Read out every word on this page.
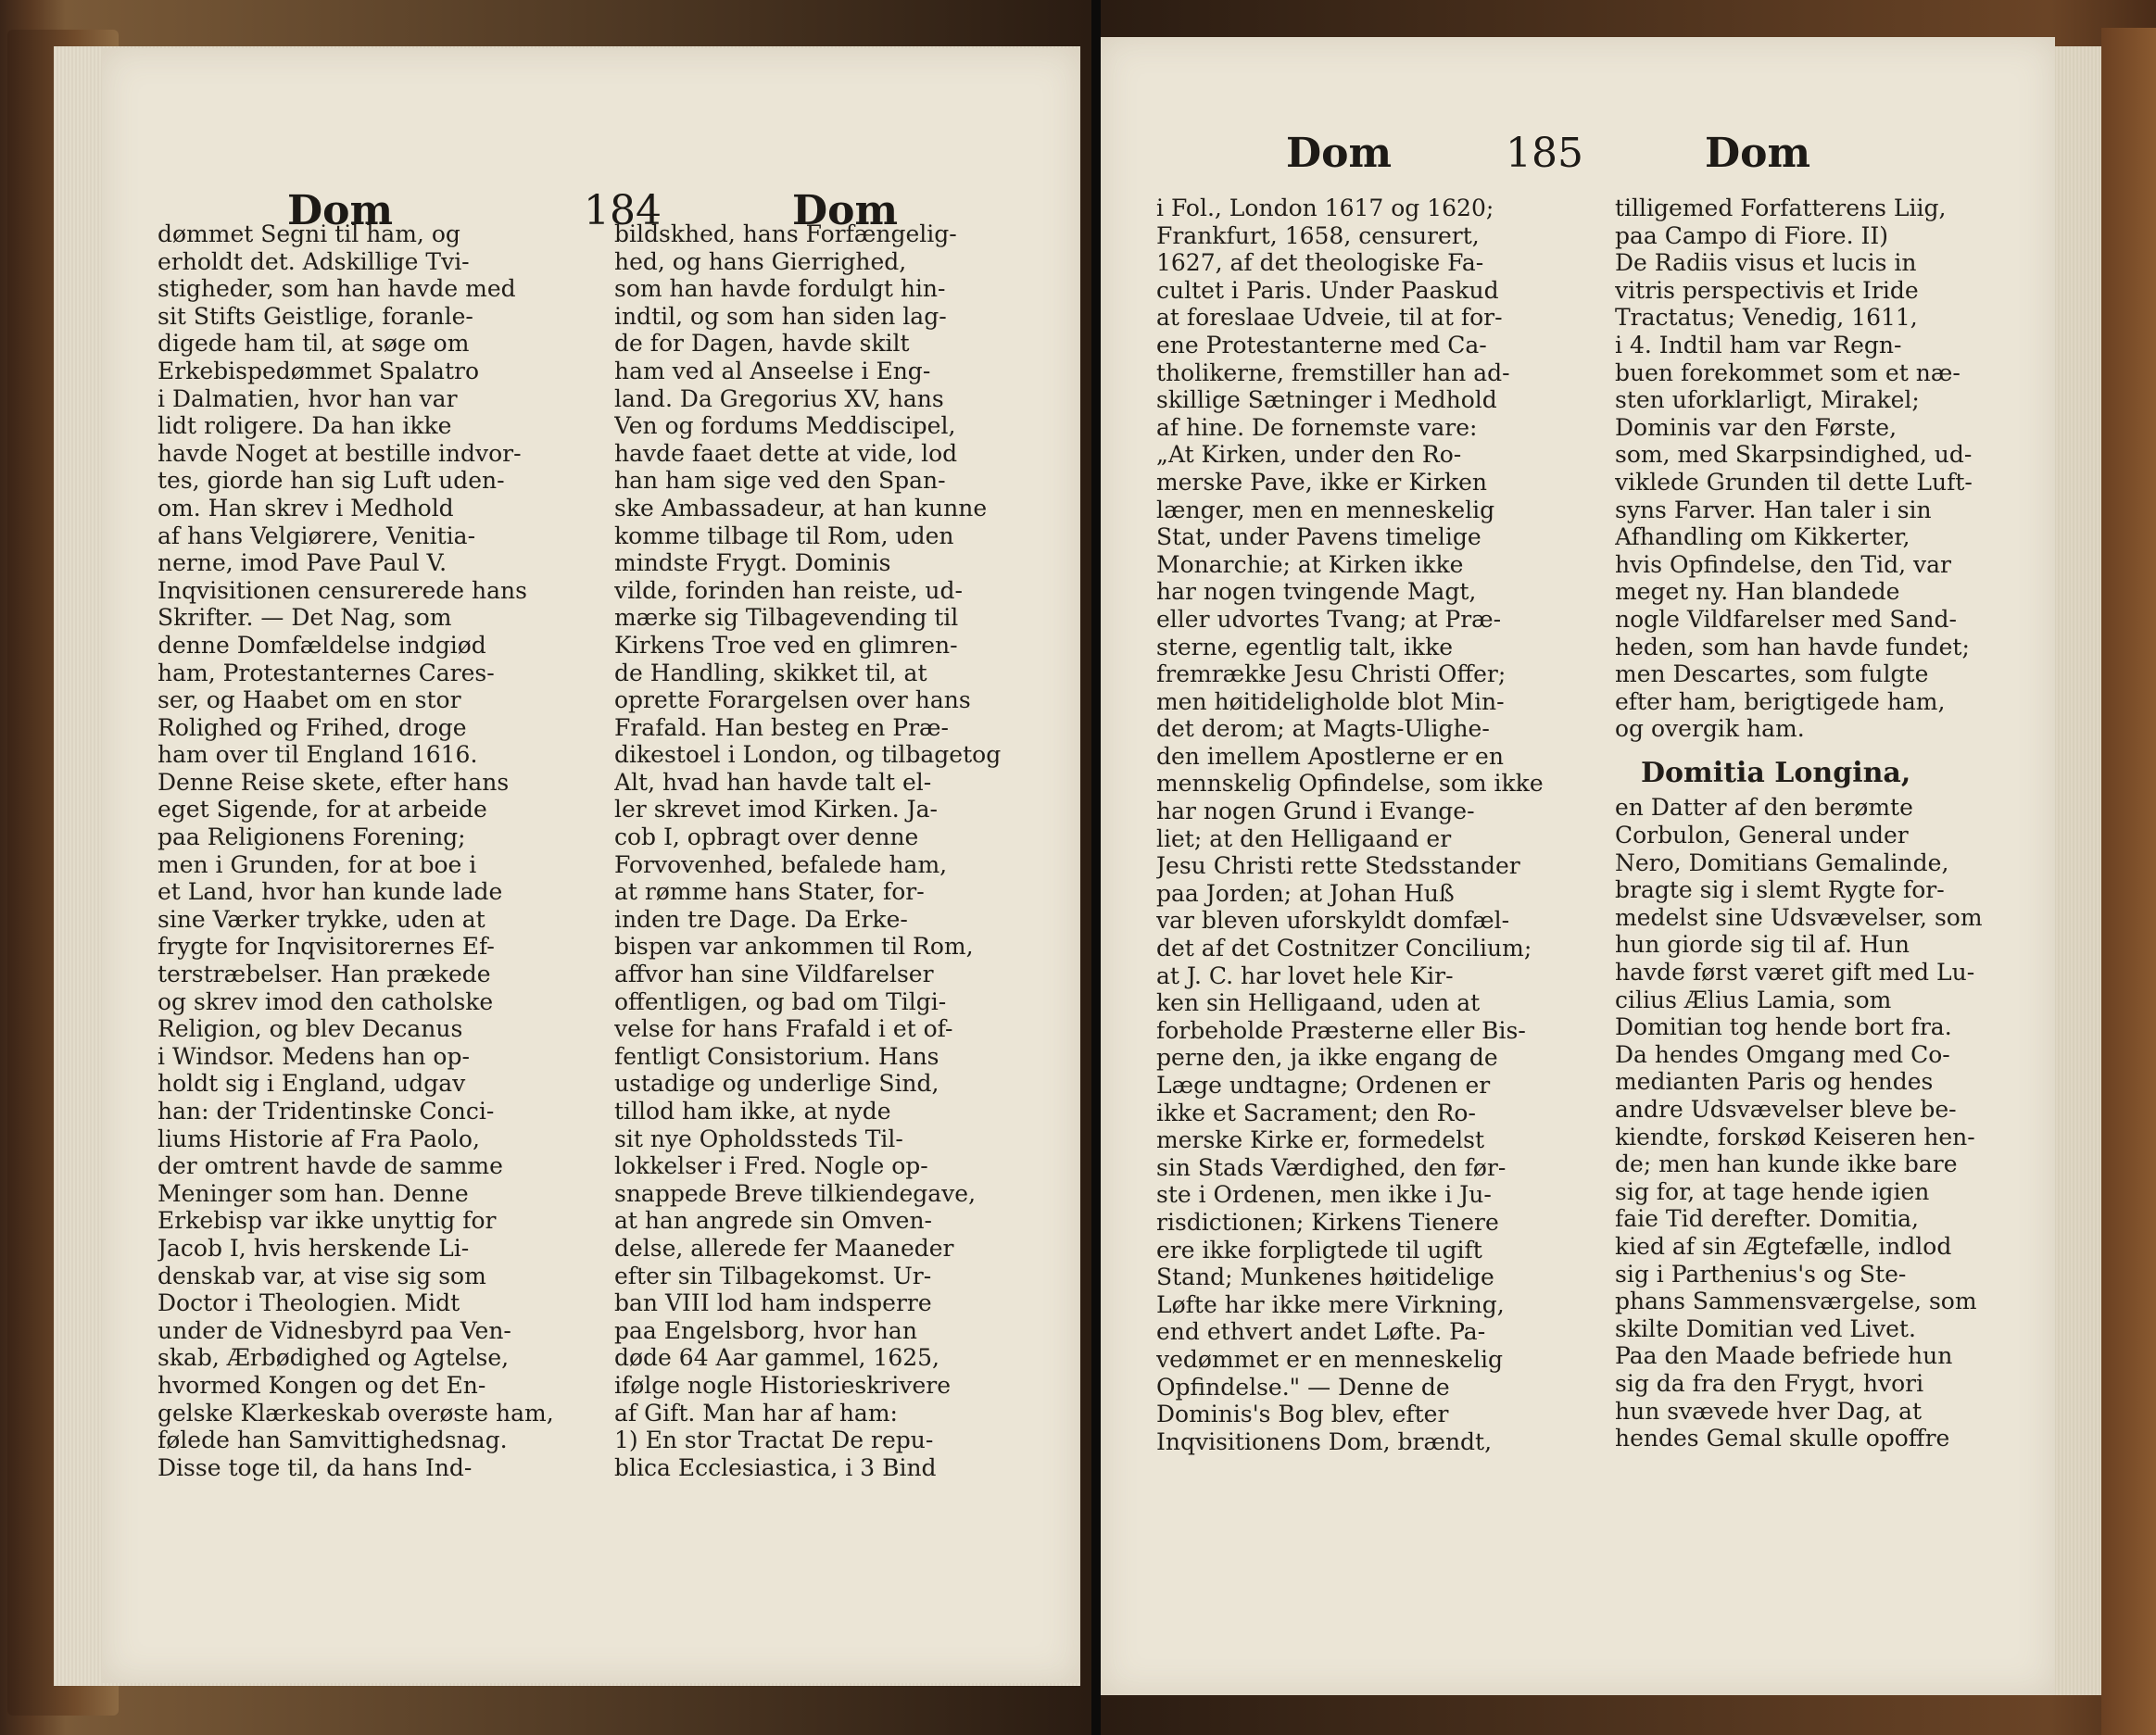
Dom	184	Dom
dømmet Segni til ham, og
erholdt det. Adskillige Tvi-
stigheder, som han havde med
sit Stifts Geistlige, foranle-
digede ham til, at søge om
Erkebispedømmet Spalatro
i Dalmatien, hvor han var
lidt roligere. Da han ikke
havde Noget at bestille indvor-
tes, giorde han sig Luft uden-
om. Han skrev i Medhold
af hans Velgiørere, Venitia-
nerne, imod Pave Paul V.
Inqvisitionen censurerede hans
Skrifter. — Det Nag, som
denne Domfældelse indgiød
ham, Protestanternes Cares-
ser, og Haabet om en stor
Rolighed og Frihed, droge
ham over til England 1616.
Denne Reise skete, efter hans
eget Sigende, for at arbeide
paa Religionens Forening;
men i Grunden, for at boe i
et Land, hvor han kunde lade
sine Værker trykke, uden at
frygte for Inqvisitorernes Ef-
terstræbelser. Han prækede
og skrev imod den catholske
Religion, og blev Decanus
i Windsor. Medens han op-
holdt sig i England, udgav
han: der Tridentinske Conci-
liums Historie af Fra Paolo,
der omtrent havde de samme
Meninger som han. Denne
Erkebisp var ikke unyttig for
Jacob I, hvis herskende Li-
denskab var, at vise sig som
Doctor i Theologien. Midt
under de Vidnesbyrd paa Ven-
skab, Ærbødighed og Agtelse,
hvormed Kongen og det En-
gelske Klærkeskab overøste ham,
følede han Samvittighedsnag.
Disse toge til, da hans Ind-
bildskhed, hans Forfængelig-
hed, og hans Gierrighed,
som han havde fordulgt hin-
indtil, og som han siden lag-
de for Dagen, havde skilt
ham ved al Anseelse i Eng-
land. Da Gregorius XV, hans
Ven og fordums Meddiscipel,
havde faaet dette at vide, lod
han ham sige ved den Span-
ske Ambassadeur, at han kunne
komme tilbage til Rom, uden
mindste Frygt. Dominis
vilde, forinden han reiste, ud-
mærke sig Tilbagevending til
Kirkens Troe ved en glimren-
de Handling, skikket til, at
oprette Forargelsen over hans
Frafald. Han besteg en Præ-
dikestoel i London, og tilbagetog
Alt, hvad han havde talt el-
ler skrevet imod Kirken. Ja-
cob I, opbragt over denne
Forvovenhed, befalede ham,
at rømme hans Stater, for-
inden tre Dage. Da Erke-
bispen var ankommen til Rom,
affvor han sine Vildfarelser
offentligen, og bad om Tilgi-
velse for hans Frafald i et of-
fentligt Consistorium. Hans
ustadige og underlige Sind,
tillod ham ikke, at nyde
sit nye Opholdssteds Til-
lokkelser i Fred. Nogle op-
snappede Breve tilkiendegave,
at han angrede sin Omven-
delse, allerede fer Maaneder
efter sin Tilbagekomst. Ur-
ban VIII lod ham indsperre
paa Engelsborg, hvor han
døde 64 Aar gammel, 1625,
ifølge nogle Historieskrivere
af Gift. Man har af ham:
1) En stor Tractat De repu-
blica Ecclesiastica, i 3 Bind
Dom	185	Dom
i Fol., London 1617 og 1620;
Frankfurt, 1658, censurert,
1627, af det theologiske Fa-
cultet i Paris. Under Paaskud
at foreslaae Udveie, til at for-
ene Protestanterne med Ca-
tholikerne, fremstiller han ad-
skillige Sætninger i Medhold
af hine. De fornemste vare:
„At Kirken, under den Ro-
merske Pave, ikke er Kirken
længer, men en menneskelig
Stat, under Pavens timelige
Monarchie; at Kirken ikke
har nogen tvingende Magt,
eller udvortes Tvang; at Præ-
sterne, egentlig talt, ikke
fremrække Jesu Christi Offer;
men høitideligholde blot Min-
det derom; at Magts-Ulighe-
den imellem Apostlerne er en
mennskelig Opfindelse, som ikke
har nogen Grund i Evange-
liet; at den Helligaand er
Jesu Christi rette Stedsstander
paa Jorden; at Johan Huß
var bleven uforskyldt domfæl-
det af det Costnitzer Concilium;
at J. C. har lovet hele Kir-
ken sin Helligaand, uden at
forbeholde Præsterne eller Bis-
perne den, ja ikke engang de
Læge undtagne; Ordenen er
ikke et Sacrament; den Ro-
merske Kirke er, formedelst
sin Stads Værdighed, den før-
ste i Ordenen, men ikke i Ju-
risdictionen; Kirkens Tienere
ere ikke forpligtede til ugift
Stand; Munkenes høitidelige
Løfte har ikke mere Virkning,
end ethvert andet Løfte. Pa-
vedømmet er en menneskelig
Opfindelse." — Denne de
Dominis's Bog blev, efter
Inqvisitionens Dom, brændt,
tilligemed Forfatterens Liig,
paa Campo di Fiore. II)
De Radiis visus et lucis in
vitris perspectivis et Iride
Tractatus; Venedig, 1611,
i 4. Indtil ham var Regn-
buen forekommet som et næ-
sten uforklarligt, Mirakel;
Dominis var den Første,
som, med Skarpsindighed, ud-
viklede Grunden til dette Luft-
syns Farver. Han taler i sin
Afhandling om Kikkerter,
hvis Opfindelse, den Tid, var
meget ny. Han blandede
nogle Vildfarelser med Sand-
heden, som han havde fundet;
men Descartes, som fulgte
efter ham, berigtigede ham,
og overgik ham.
Domitia Longina,
en Datter af den berømte
Corbulon, General under
Nero, Domitians Gemalinde,
bragte sig i slemt Rygte for-
medelst sine Udsvævelser, som
hun giorde sig til af. Hun
havde først været gift med Lu-
cilius Ælius Lamia, som
Domitian tog hende bort fra.
Da hendes Omgang med Co-
medianten Paris og hendes
andre Udsvævelser bleve be-
kiendte, forskød Keiseren hen-
de; men han kunde ikke bare
sig for, at tage hende igien
faie Tid derefter. Domitia,
kied af sin Ægtefælle, indlod
sig i Parthenius's og Ste-
phans Sammensværgelse, som
skilte Domitian ved Livet.
Paa den Maade befriede hun
sig da fra den Frygt, hvori
hun svævede hver Dag, at
hendes Gemal skulle opoffre
